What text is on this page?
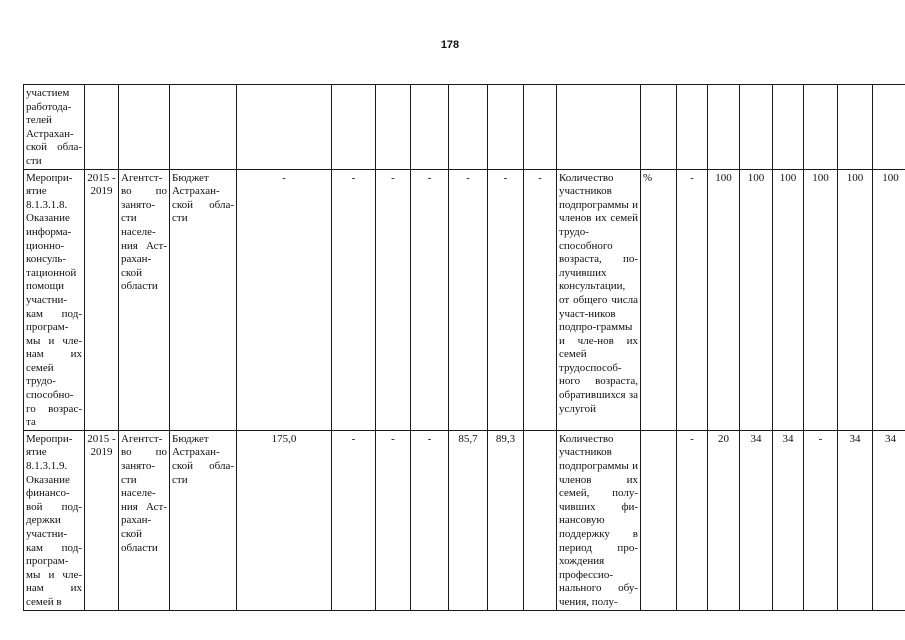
178
участием работода-телей Астрахан-ской обла-сти																			

Меропри-ятие 8.1.3.1.8. Оказание информа-ционно-консуль-тационной помощи участни-кам под-програм-мы и чле-нам их семей трудо-способно-го возрас-та	2015 - 2019	Агентст-во по занято-сти населе-ния Аст-рахан-ской области	Бюджет Астрахан-ской обла-сти	-	-	-	-	-	-	-	Количество участников подпрограммы и членов их семей трудо-способного возраста, по-лучивших консультации, от общего числа участ-ников подпро-граммы и чле-нов их семей трудоспособ-ного возраста, обратившихся за услугой	%	-	100	100	100	100	100	100

Меропри-ятие 8.1.3.1.9. Оказание финансо-вой под-держки участни-кам под-програм-мы и чле-нам их семей в	2015 - 2019	Агентст-во по занято-сти населе-ния Аст-рахан-ской области	Бюджет Астрахан-ской обла-сти	175,0	-	-	-	85,7	89,3		Количество участников подпрограммы и членов их семей, полу-чивших фи-нансовую поддержку в период про-хождения профессио-нального обу-чения, полу-		-	20	34	34	-	34	34
